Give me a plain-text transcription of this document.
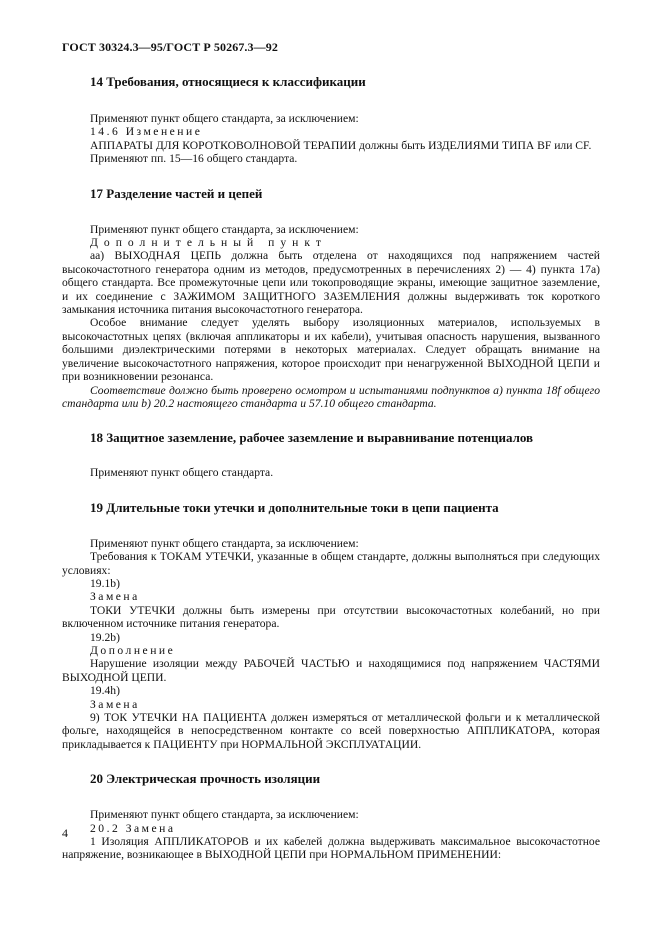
ГОСТ 30324.3—95/ГОСТ Р 50267.3—92
14 Требования, относящиеся к классификации

Применяют пункт общего стандарта, за исключением:

14.6 Изменение

АППАРАТЫ ДЛЯ КОРОТКОВОЛНОВОЙ ТЕРАПИИ должны быть ИЗДЕЛИЯМИ ТИПА BF или CF.

Применяют пп. 15—16 общего стандарта.

17 Разделение частей и цепей

Применяют пункт общего стандарта, за исключением:

Дополнительный пункт

аа) ВЫХОДНАЯ ЦЕПЬ должна быть отделена от находящихся под напряжением частей высокочастотного генератора одним из методов, предусмотренных в перечислениях 2) — 4) пункта 17а) общего стандарта. Все промежуточные цепи или токопроводящие экраны, имеющие защитное заземление, и их соединение с ЗАЖИМОМ ЗАЩИТНОГО ЗАЗЕМЛЕНИЯ должны выдерживать ток короткого замыкания источника питания высокочастотного генератора.

Особое внимание следует уделять выбору изоляционных материалов, используемых в высокочастотных цепях (включая аппликаторы и их кабели), учитывая опасность нарушения, вызванного большими диэлектрическими потерями в некоторых материалах. Следует обращать внимание на увеличение высокочастотного напряжения, которое происходит при ненагруженной ВЫХОДНОЙ ЦЕПИ и при возникновении резонанса.

Соответствие должно быть проверено осмотром и испытаниями подпунктов a) пункта 18f общего стандарта или b) 20.2 настоящего стандарта и 57.10 общего стандарта.

18 Защитное заземление, рабочее заземление и выравнивание потенциалов

Применяют пункт общего стандарта.

19 Длительные токи утечки и дополнительные токи в цепи пациента

Применяют пункт общего стандарта, за исключением:

Требования к ТОКАМ УТЕЧКИ, указанные в общем стандарте, должны выполняться при следующих условиях:

19.1b)

Замена

ТОКИ УТЕЧКИ должны быть измерены при отсутствии высокочастотных колебаний, но при включенном источнике питания генератора.

19.2b)

Дополнение

Нарушение изоляции между РАБОЧЕЙ ЧАСТЬЮ и находящимися под напряжением ЧАСТЯМИ ВЫХОДНОЙ ЦЕПИ.

19.4h)

Замена

9) ТОК УТЕЧКИ НА ПАЦИЕНТА должен измеряться от металлической фольги и к металлической фольге, находящейся в непосредственном контакте со всей поверхностью АППЛИКАТОРА, которая прикладывается к ПАЦИЕНТУ при НОРМАЛЬНОЙ ЭКСПЛУАТАЦИИ.

20 Электрическая прочность изоляции

Применяют пункт общего стандарта, за исключением:

20.2 Замена

1 Изоляция АППЛИКАТОРОВ и их кабелей должна выдерживать максимальное высокочастотное напряжение, возникающее в ВЫХОДНОЙ ЦЕПИ при НОРМАЛЬНОМ ПРИМЕНЕНИИ:

4
